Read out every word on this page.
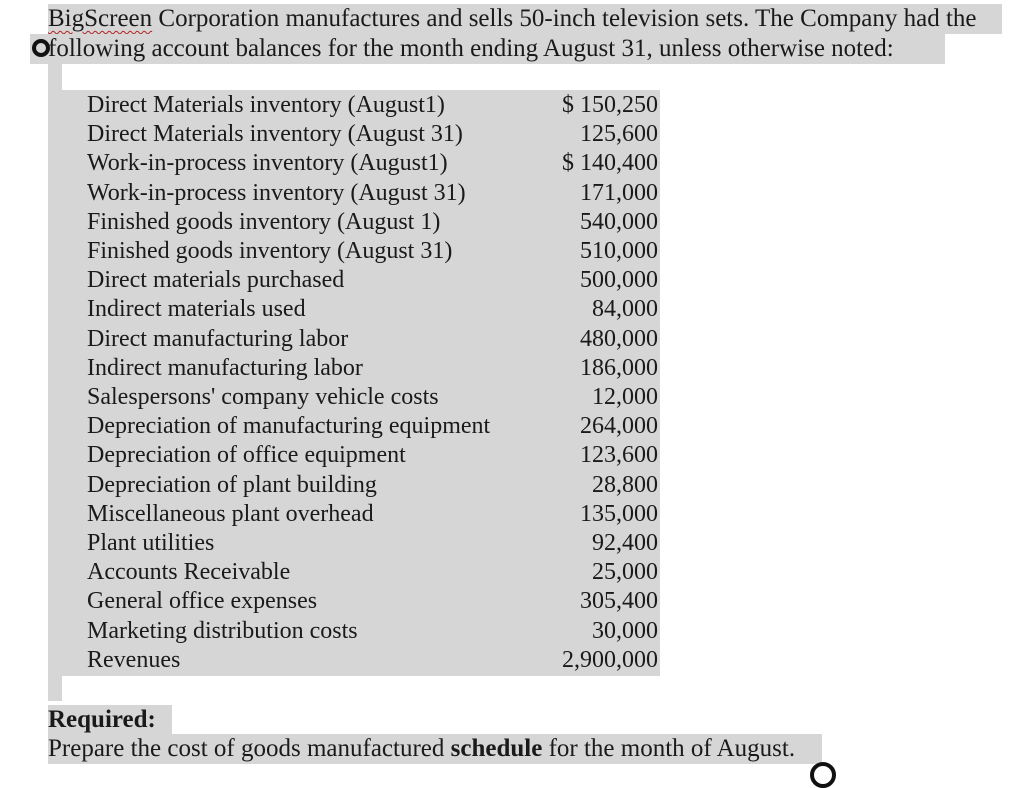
BigScreen Corporation manufactures and sells 50-inch television sets. The Company had the
following account balances for the month ending August 31, unless otherwise noted:
Direct Materials inventory (August1)	$ 150,250
Direct Materials inventory (August 31)	125,600
Work-in-process inventory (August1)	$ 140,400
Work-in-process inventory (August 31)	171,000
Finished goods inventory (August 1)	540,000
Finished goods inventory (August 31)	510,000
Direct materials purchased	500,000
Indirect materials used	84,000
Direct manufacturing labor	480,000
Indirect manufacturing labor	186,000
Salespersons' company vehicle costs	12,000
Depreciation of manufacturing equipment	264,000
Depreciation of office equipment	123,600
Depreciation of plant building	28,800
Miscellaneous plant overhead	135,000
Plant utilities	92,400
Accounts Receivable	25,000
General office expenses	305,400
Marketing distribution costs	30,000
Revenues	2,900,000
Required:
Prepare the cost of goods manufactured schedule for the month of August.
